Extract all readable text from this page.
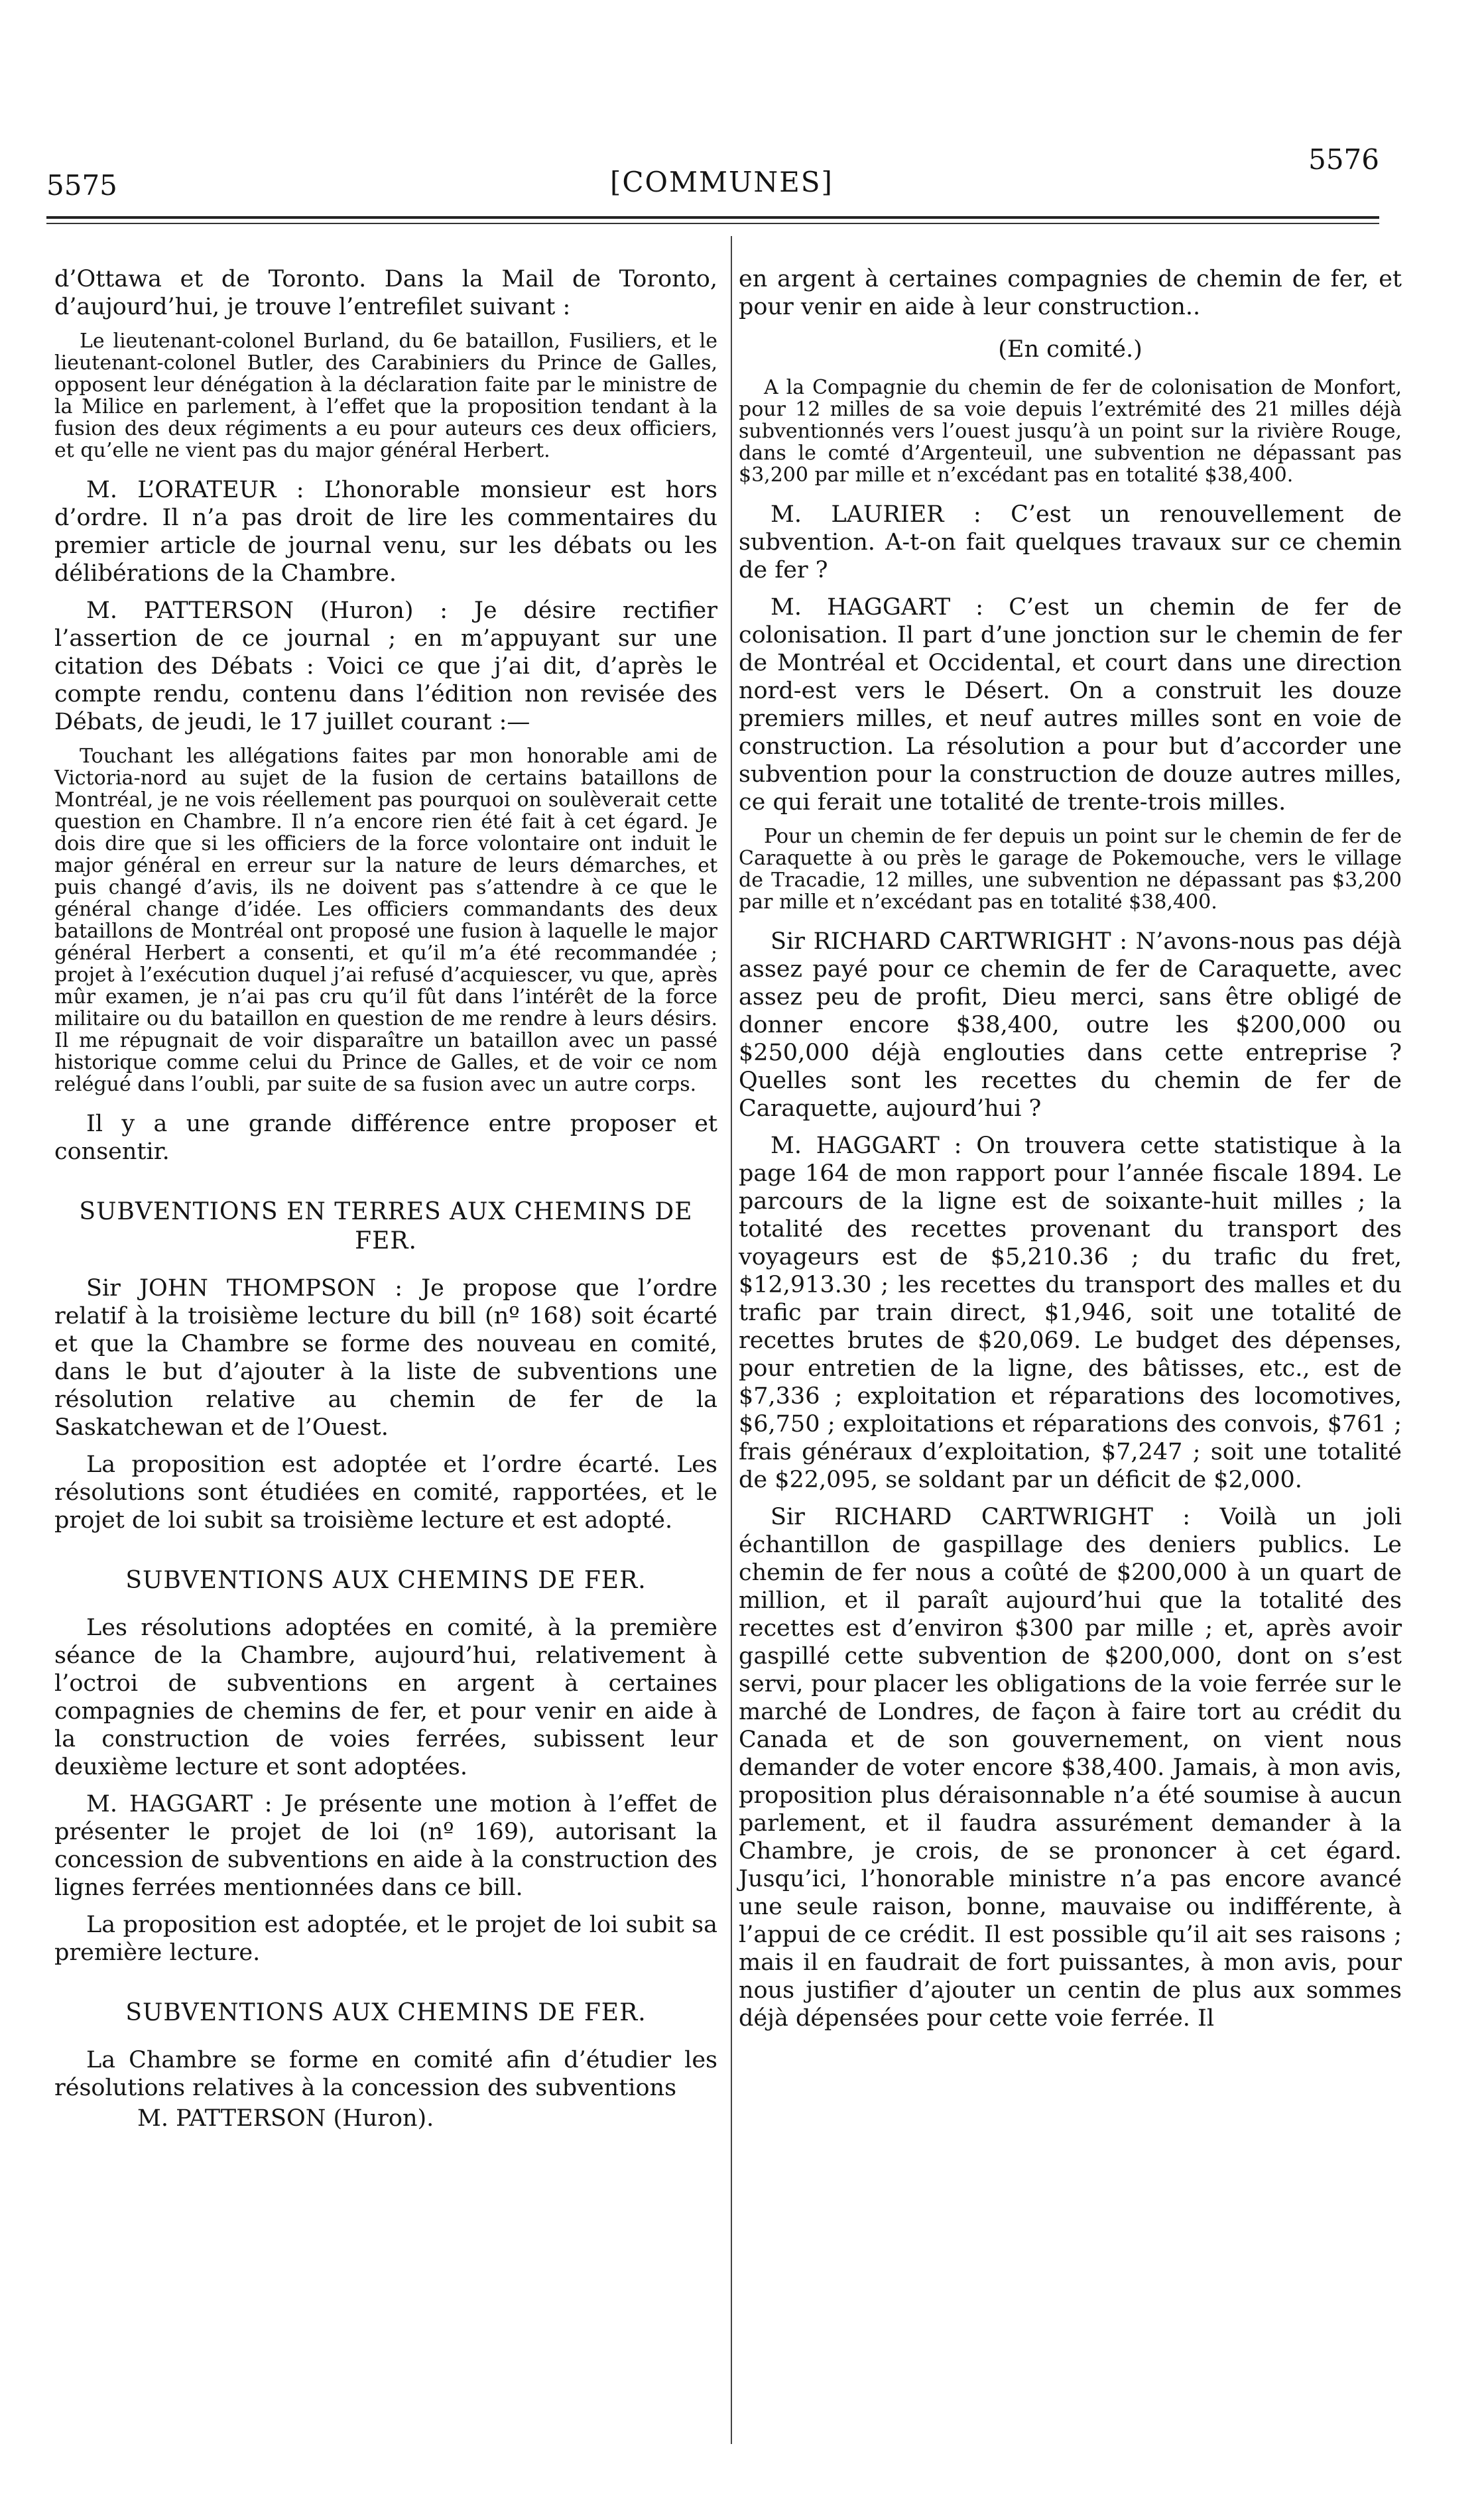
5575	[COMMUNES]
5576

d’Ottawa et de Toronto. Dans la Mail de Toronto, d’aujourd’hui, je trouve l’entrefilet suivant :

Le lieutenant-colonel Burland, du 6e bataillon, Fusiliers, et le lieutenant-colonel Butler, des Carabiniers du Prince de Galles, opposent leur dénégation à la déclaration faite par le ministre de la Milice en parlement, à l’effet que la proposition tendant à la fusion des deux régiments a eu pour auteurs ces deux officiers, et qu’elle ne vient pas du major général Herbert.

M. L’ORATEUR : L’honorable monsieur est hors d’ordre. Il n’a pas droit de lire les commentaires du premier article de journal venu, sur les débats ou les délibérations de la Chambre.

M. PATTERSON (Huron) : Je désire rectifier l’assertion de ce journal ; en m’appuyant sur une citation des Débats : Voici ce que j’ai dit, d’après le compte rendu, contenu dans l’édition non revisée des Débats, de jeudi, le 17 juillet courant :—

Touchant les allégations faites par mon honorable ami de Victoria-nord au sujet de la fusion de certains bataillons de Montréal, je ne vois réellement pas pourquoi on soulèverait cette question en Chambre. Il n’a encore rien été fait à cet égard. Je dois dire que si les officiers de la force volontaire ont induit le major général en erreur sur la nature de leurs démarches, et puis changé d’avis, ils ne doivent pas s’attendre à ce que le général change d’idée. Les officiers commandants des deux bataillons de Montréal ont proposé une fusion à laquelle le major général Herbert a consenti, et qu’il m’a été recommandée ; projet à l’exécution duquel j’ai refusé d’acquiescer, vu que, après mûr examen, je n’ai pas cru qu’il fût dans l’intérêt de la force militaire ou du bataillon en question de me rendre à leurs désirs. Il me répugnait de voir disparaître un bataillon avec un passé historique comme celui du Prince de Galles, et de voir ce nom relégué dans l’oubli, par suite de sa fusion avec un autre corps.

Il y a une grande différence entre proposer et consentir.

SUBVENTIONS EN TERRES AUX CHEMINS DE FER.

Sir JOHN THOMPSON : Je propose que l’ordre relatif à la troisième lecture du bill (nº 168) soit écarté et que la Chambre se forme des nouveau en comité, dans le but d’ajouter à la liste de subventions une résolution relative au chemin de fer de la Saskatchewan et de l’Ouest.

La proposition est adoptée et l’ordre écarté. Les résolutions sont étudiées en comité, rapportées, et le projet de loi subit sa troisième lecture et est adopté.

SUBVENTIONS AUX CHEMINS DE FER.

Les résolutions adoptées en comité, à la première séance de la Chambre, aujourd’hui, relativement à l’octroi de subventions en argent à certaines compagnies de chemins de fer, et pour venir en aide à la construction de voies ferrées, subissent leur deuxième lecture et sont adoptées.

M. HAGGART : Je présente une motion à l’effet de présenter le projet de loi (nº 169), autorisant la concession de subventions en aide à la construction des lignes ferrées mentionnées dans ce bill.

La proposition est adoptée, et le projet de loi subit sa première lecture.

SUBVENTIONS AUX CHEMINS DE FER.

La Chambre se forme en comité afin d’étudier les résolutions relatives à la concession des subventions

M. PATTERSON (Huron).

en argent à certaines compagnies de chemin de fer, et pour venir en aide à leur construction..

(En comité.)

A la Compagnie du chemin de fer de colonisation de Monfort, pour 12 milles de sa voie depuis l’extrémité des 21 milles déjà subventionnés vers l’ouest jusqu’à un point sur la rivière Rouge, dans le comté d’Argenteuil, une subvention ne dépassant pas $3,200 par mille et n’excédant pas en totalité $38,400.

M. LAURIER : C’est un renouvellement de subvention. A-t-on fait quelques travaux sur ce chemin de fer ?

M. HAGGART : C’est un chemin de fer de colonisation. Il part d’une jonction sur le chemin de fer de Montréal et Occidental, et court dans une direction nord-est vers le Désert. On a construit les douze premiers milles, et neuf autres milles sont en voie de construction. La résolution a pour but d’accorder une subvention pour la construction de douze autres milles, ce qui ferait une totalité de trente-trois milles.

Pour un chemin de fer depuis un point sur le chemin de fer de Caraquette à ou près le garage de Pokemouche, vers le village de Tracadie, 12 milles, une subvention ne dépassant pas $3,200 par mille et n’excédant pas en totalité $38,400.

Sir RICHARD CARTWRIGHT : N’avons-nous pas déjà assez payé pour ce chemin de fer de Caraquette, avec assez peu de profit, Dieu merci, sans être obligé de donner encore $38,400, outre les $200,000 ou $250,000 déjà englouties dans cette entreprise ? Quelles sont les recettes du chemin de fer de Caraquette, aujourd’hui ?

M. HAGGART : On trouvera cette statistique à la page 164 de mon rapport pour l’année fiscale 1894. Le parcours de la ligne est de soixante-huit milles ; la totalité des recettes provenant du transport des voyageurs est de $5,210.36 ; du trafic du fret, $12,913.30 ; les recettes du transport des malles et du trafic par train direct, $1,946, soit une totalité de recettes brutes de $20,069. Le budget des dépenses, pour entretien de la ligne, des bâtisses, etc., est de $7,336 ; exploitation et réparations des locomotives, $6,750 ; exploitations et réparations des convois, $761 ; frais généraux d’exploitation, $7,247 ; soit une totalité de $22,095, se soldant par un déficit de $2,000.

Sir RICHARD CARTWRIGHT : Voilà un joli échantillon de gaspillage des deniers publics. Le chemin de fer nous a coûté de $200,000 à un quart de million, et il paraît aujourd’hui que la totalité des recettes est d’environ $300 par mille ; et, après avoir gaspillé cette subvention de $200,000, dont on s’est servi, pour placer les obligations de la voie ferrée sur le marché de Londres, de façon à faire tort au crédit du Canada et de son gouvernement, on vient nous demander de voter encore $38,400. Jamais, à mon avis, proposition plus déraisonnable n’a été soumise à aucun parlement, et il faudra assurément demander à la Chambre, je crois, de se prononcer à cet égard. Jusqu’ici, l’honorable ministre n’a pas encore avancé une seule raison, bonne, mauvaise ou indifférente, à l’appui de ce crédit. Il est possible qu’il ait ses raisons ; mais il en faudrait de fort puissantes, à mon avis, pour nous justifier d’ajouter un centin de plus aux sommes déjà dépensées pour cette voie ferrée. Il
